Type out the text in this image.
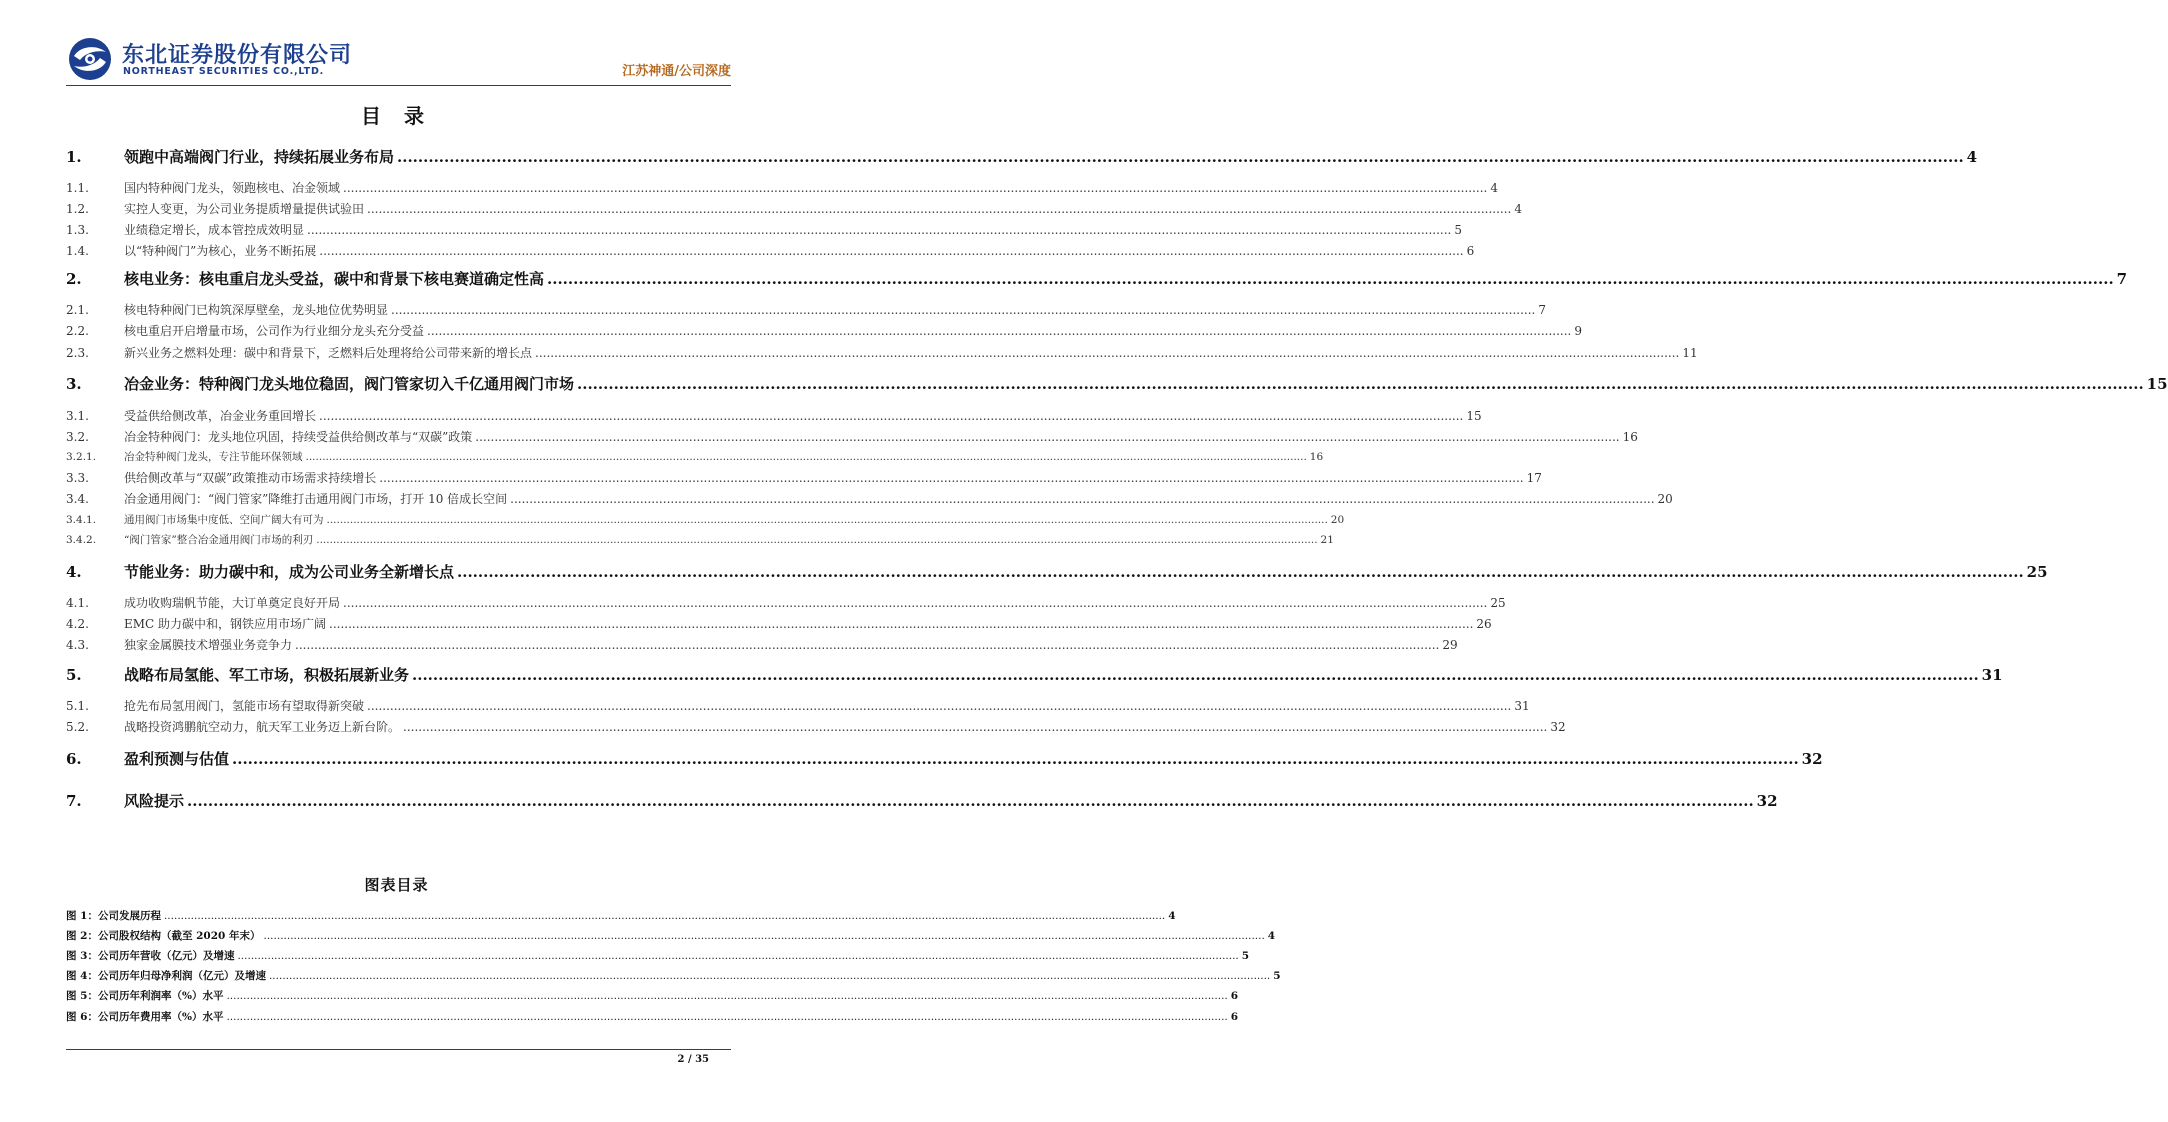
东北证券股份有限公司
NORTHEAST SECURITIES CO.,LTD.	江苏神通/公司深度
目 录
1.	领跑中高端阀门行业，持续拓展业务布局 ............................................................................................................................................................................................................................................................................................................ 4
1.1.	国内特种阀门龙头，领跑核电、冶金领域 ............................................................................................................................................................................................................................................................................................................ 4
1.2.	实控人变更，为公司业务提质增量提供试验田 ............................................................................................................................................................................................................................................................................................................ 4
1.3.	业绩稳定增长，成本管控成效明显 ............................................................................................................................................................................................................................................................................................................ 5
1.4.	以“特种阀门”为核心，业务不断拓展 ............................................................................................................................................................................................................................................................................................................ 6
2.	核电业务：核电重启龙头受益，碳中和背景下核电赛道确定性高 ............................................................................................................................................................................................................................................................................................................ 7
2.1.	核电特种阀门已构筑深厚壁垒，龙头地位优势明显 ............................................................................................................................................................................................................................................................................................................ 7
2.2.	核电重启开启增量市场，公司作为行业细分龙头充分受益 ............................................................................................................................................................................................................................................................................................................ 9
2.3.	新兴业务之燃料处理：碳中和背景下，乏燃料后处理将给公司带来新的增长点 ............................................................................................................................................................................................................................................................................................................ 11
3.	冶金业务：特种阀门龙头地位稳固，阀门管家切入千亿通用阀门市场 ............................................................................................................................................................................................................................................................................................................ 15
3.1.	受益供给侧改革，冶金业务重回增长 ............................................................................................................................................................................................................................................................................................................ 15
3.2.	冶金特种阀门：龙头地位巩固，持续受益供给侧改革与“双碳”政策 ............................................................................................................................................................................................................................................................................................................ 16
3.2.1.	冶金特种阀门龙头，专注节能环保领域 ............................................................................................................................................................................................................................................................................................................ 16
3.3.	供给侧改革与“双碳”政策推动市场需求持续增长 ............................................................................................................................................................................................................................................................................................................ 17
3.4.	冶金通用阀门：“阀门管家”降维打击通用阀门市场，打开 10 倍成长空间 ............................................................................................................................................................................................................................................................................................................ 20
3.4.1.	通用阀门市场集中度低、空间广阔大有可为 ............................................................................................................................................................................................................................................................................................................ 20
3.4.2.	“阀门管家”整合冶金通用阀门市场的利刃 ............................................................................................................................................................................................................................................................................................................ 21
4.	节能业务：助力碳中和，成为公司业务全新增长点 ............................................................................................................................................................................................................................................................................................................ 25
4.1.	成功收购瑞帆节能，大订单奠定良好开局 ............................................................................................................................................................................................................................................................................................................ 25
4.2.	EMC 助力碳中和，钢铁应用市场广阔 ............................................................................................................................................................................................................................................................................................................ 26
4.3.	独家金属膜技术增强业务竞争力 ............................................................................................................................................................................................................................................................................................................ 29
5.	战略布局氢能、军工市场，积极拓展新业务 ............................................................................................................................................................................................................................................................................................................ 31
5.1.	抢先布局氢用阀门，氢能市场有望取得新突破 ............................................................................................................................................................................................................................................................................................................ 31
5.2.	战略投资鸿鹏航空动力，航天军工业务迈上新台阶。 ............................................................................................................................................................................................................................................................................................................ 32
6.	盈利预测与估值 ............................................................................................................................................................................................................................................................................................................ 32
7.	风险提示 ............................................................................................................................................................................................................................................................................................................ 32
图表目录
图 1：公司发展历程 ............................................................................................................................................................................................................................................................................................................ 4
图 2：公司股权结构（截至 2020 年末） ............................................................................................................................................................................................................................................................................................................ 4
图 3：公司历年营收（亿元）及增速 ............................................................................................................................................................................................................................................................................................................ 5
图 4：公司历年归母净利润（亿元）及增速 ............................................................................................................................................................................................................................................................................................................ 5
图 5：公司历年利润率（%）水平 ............................................................................................................................................................................................................................................................................................................ 6
图 6：公司历年费用率（%）水平 ............................................................................................................................................................................................................................................................................................................ 6
2 / 35
